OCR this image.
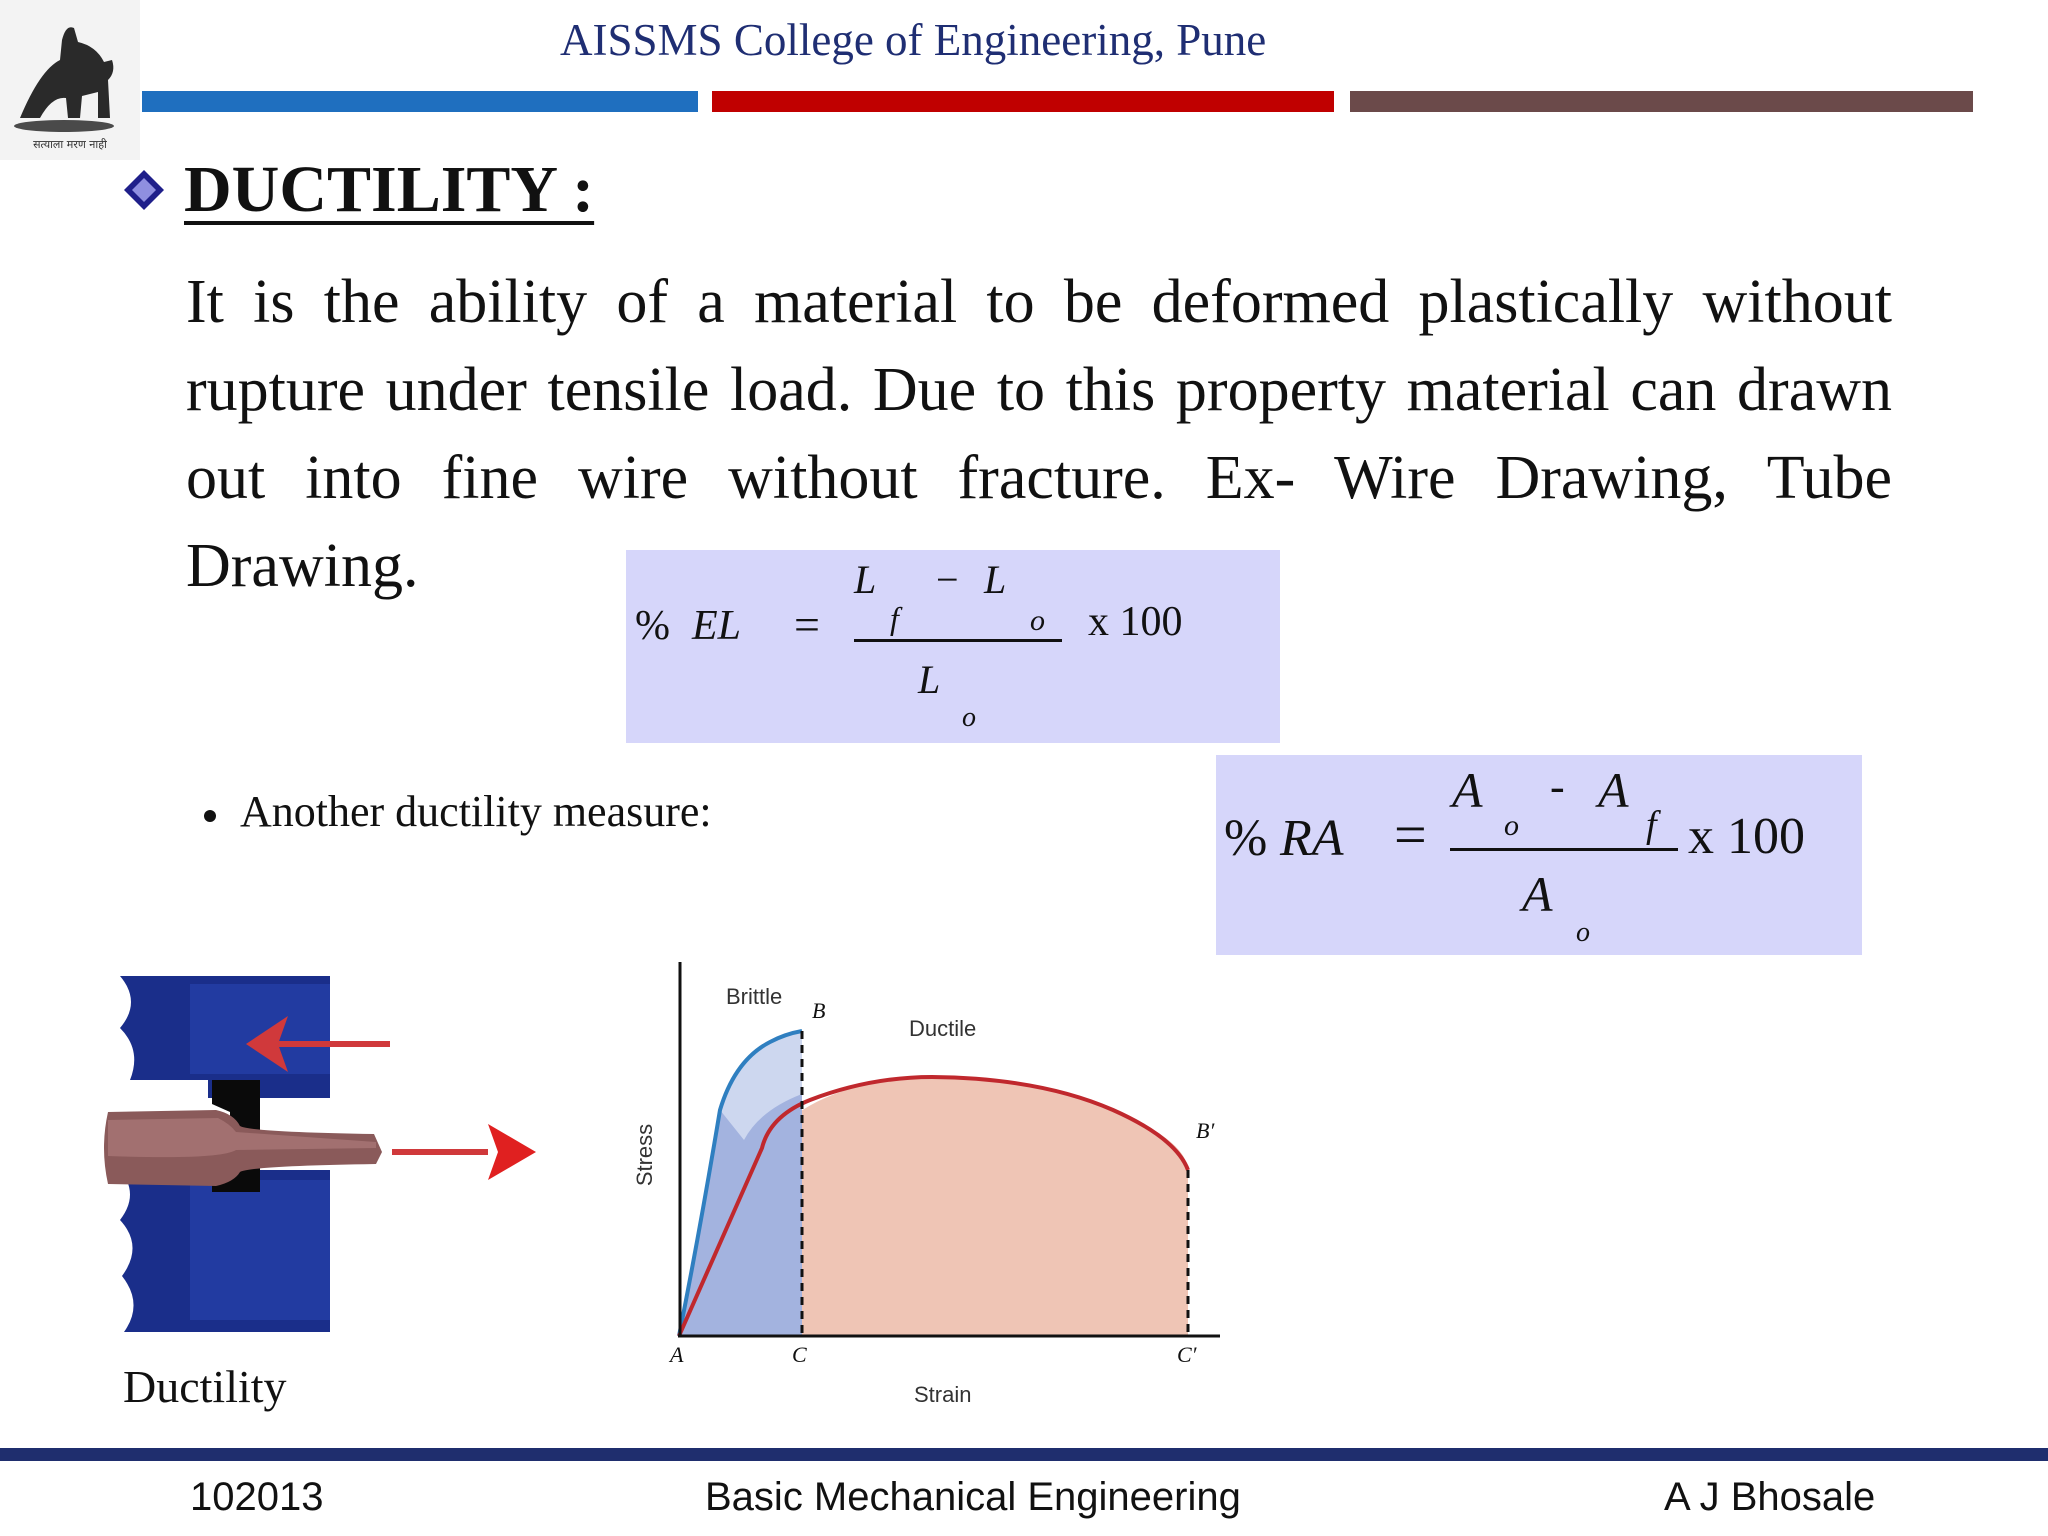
सत्याला मरण नाही
AISSMS College of Engineering, Pune
DUCTILITY :
It is the ability of a material to be deformed plastically without rupture under tensile load. Due to this property material can drawn out into fine wire without fracture. Ex- Wire Drawing, Tube Drawing.
% EL =
L
f
− L
o
L
o
x 100
Another ductility measure:	% RA =
A
o
- A
f
A
o
x 100
Ductility
Brittle
B
Ductile
B′
A	C	C′
Strain
Stress
102013	Basic Mechanical Engineering	A J Bhosale
